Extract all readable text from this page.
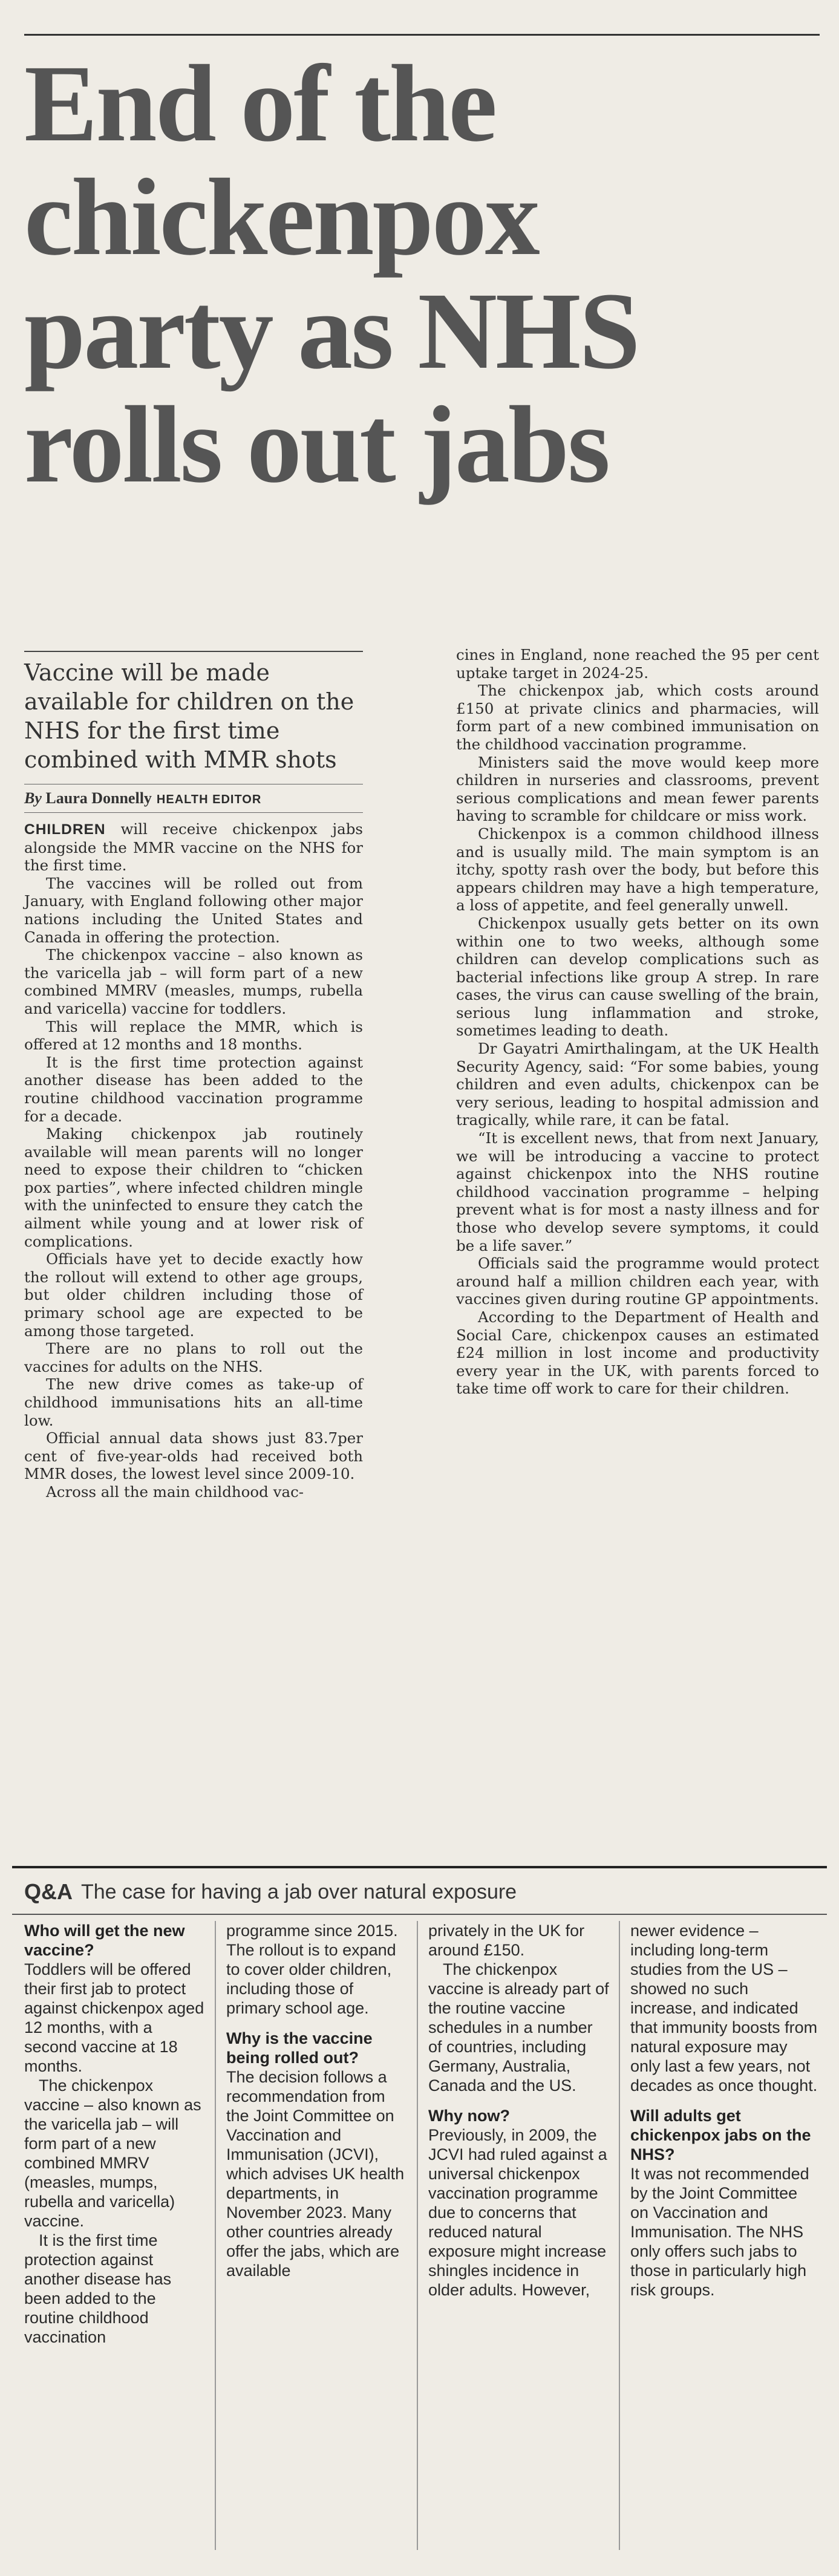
End of the
chickenpox
party as NHS
rolls out jabs
Vaccine will be made available for children on the NHS for the first time combined with MMR shots
By Laura Donnelly HEALTH EDITOR

CHILDREN will receive chickenpox jabs alongside the MMR vaccine on the NHS for the first time.

The vaccines will be rolled out from January, with England following other major nations including the United States and Canada in offering the protection.

The chickenpox vaccine – also known as the varicella jab – will form part of a new combined MMRV (measles, mumps, rubella and varicella) vaccine for toddlers.

This will replace the MMR, which is offered at 12 months and 18 months.

It is the first time protection against another disease has been added to the routine childhood vaccination programme for a decade.

Making chickenpox jab routinely available will mean parents will no longer need to expose their children to “chicken pox parties”, where infected children mingle with the uninfected to ensure they catch the ailment while young and at lower risk of complications.

Officials have yet to decide exactly how the rollout will extend to other age groups, but older children including those of primary school age are expected to be among those targeted.

There are no plans to roll out the vaccines for adults on the NHS.

The new drive comes as take-up of childhood immunisations hits an all-time low.

Official annual data shows just 83.7per cent of five-year-olds had received both MMR doses, the lowest level since 2009-10.

Across all the main childhood vac-

cines in England, none reached the 95 per cent uptake target in 2024-25.

The chickenpox jab, which costs around £150 at private clinics and pharmacies, will form part of a new combined immunisation on the childhood vaccination programme.

Ministers said the move would keep more children in nurseries and classrooms, prevent serious complications and mean fewer parents having to scramble for childcare or miss work.

Chickenpox is a common childhood illness and is usually mild. The main symptom is an itchy, spotty rash over the body, but before this appears children may have a high temperature, a loss of appetite, and feel generally unwell.

Chickenpox usually gets better on its own within one to two weeks, although some children can develop complications such as bacterial infections like group A strep. In rare cases, the virus can cause swelling of the brain, serious lung inflammation and stroke, sometimes leading to death.

Dr Gayatri Amirthalingam, at the UK Health Security Agency, said: “For some babies, young children and even adults, chickenpox can be very serious, leading to hospital admission and tragically, while rare, it can be fatal.

“It is excellent news, that from next January, we will be introducing a vaccine to protect against chickenpox into the NHS routine childhood vaccination programme – helping prevent what is for most a nasty illness and for those who develop severe symptoms, it could be a life saver.”

Officials said the programme would protect around half a million children each year, with vaccines given during routine GP appointments.

According to the Department of Health and Social Care, chickenpox causes an estimated £24 million in lost income and productivity every year in the UK, with parents forced to take time off work to care for their children.

Q&A The case for having a jab over natural exposure

Who will get the new vaccine?

Toddlers will be offered their first jab to protect against chickenpox aged 12 months, with a second vaccine at 18 months.

The chickenpox vaccine – also known as the varicella jab – will form part of a new combined MMRV (measles, mumps, rubella and varicella) vaccine.

It is the first time protection against another disease has been added to the routine childhood vaccination

programme since 2015. The rollout is to expand to cover older children, including those of primary school age.

Why is the vaccine being rolled out?

The decision follows a recommendation from the Joint Committee on Vaccination and Immunisation (JCVI), which advises UK health departments, in November 2023. Many other countries already offer the jabs, which are available

privately in the UK for around £150.

The chickenpox vaccine is already part of the routine vaccine schedules in a number of countries, including Germany, Australia, Canada and the US.

Why now?

Previously, in 2009, the JCVI had ruled against a universal chickenpox vaccination programme due to concerns that reduced natural exposure might increase shingles incidence in older adults. However,

newer evidence – including long-term studies from the US – showed no such increase, and indicated that immunity boosts from natural exposure may only last a few years, not decades as once thought.

Will adults get chickenpox jabs on the NHS?

It was not recommended by the Joint Committee on Vaccination and Immunisation. The NHS only offers such jabs to those in particularly high risk groups.
